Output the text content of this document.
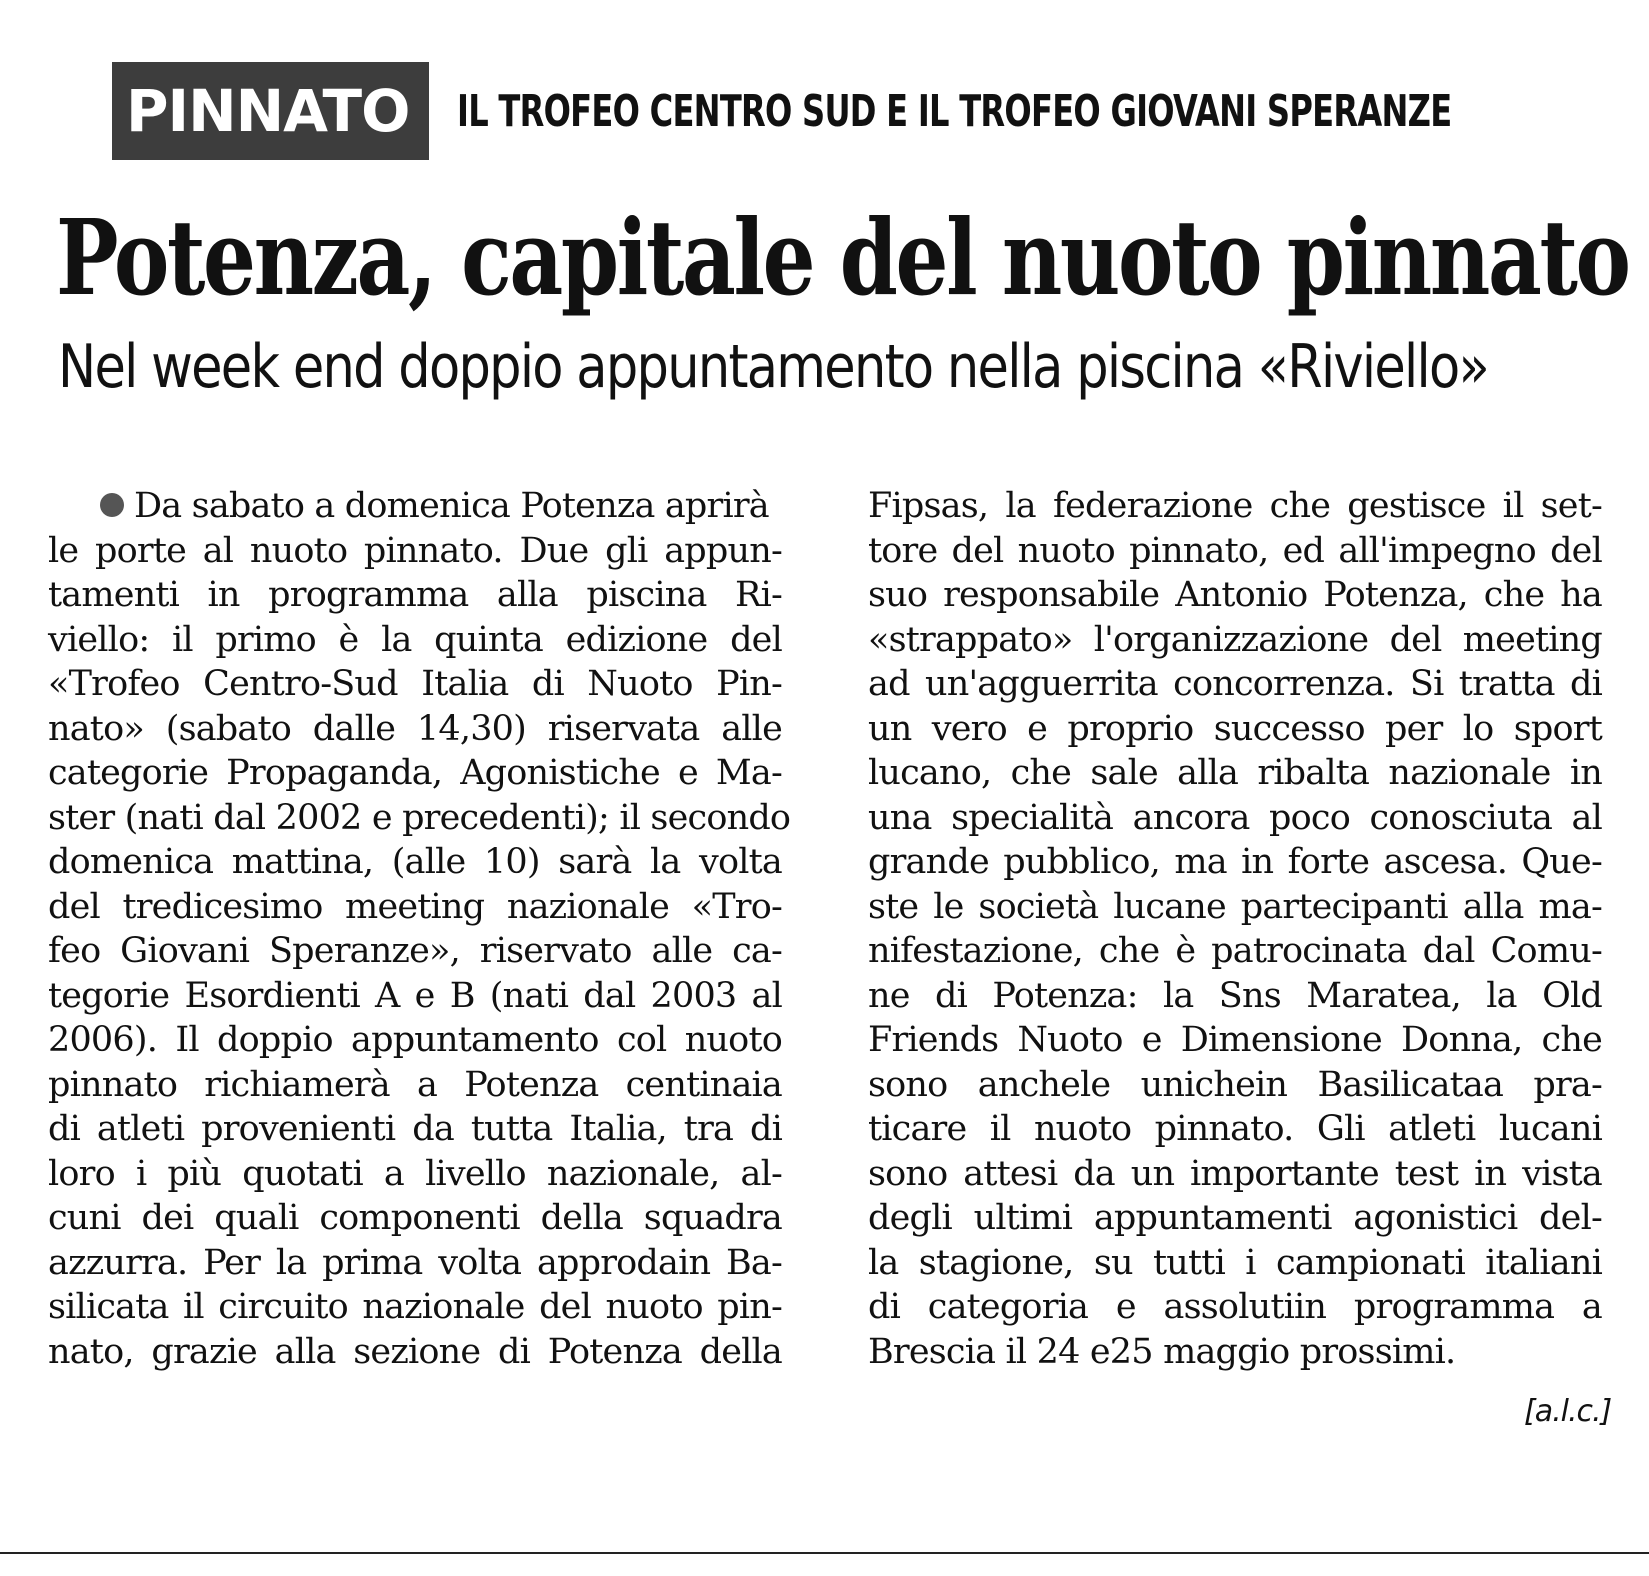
PINNATO	IL TROFEO CENTRO SUD E IL TROFEO GIOVANI SPERANZE
Potenza, capitale del nuoto pinnato
Nel week end doppio appuntamento nella piscina «Riviello»
Da sabato a domenica Potenza aprirà
le porte al nuoto pinnato. Due gli appun-
tamenti in programma alla piscina Ri-
viello: il primo è la quinta edizione del
«Trofeo Centro-Sud Italia di Nuoto Pin-
nato» (sabato dalle 14,30) riservata alle
categorie Propaganda, Agonistiche e Ma-
ster (nati dal 2002 e precedenti); il secondo
domenica mattina, (alle 10) sarà la volta
del tredicesimo meeting nazionale «Tro-
feo Giovani Speranze», riservato alle ca-
tegorie Esordienti A e B (nati dal 2003 al
2006). Il doppio appuntamento col nuoto
pinnato richiamerà a Potenza centinaia
di atleti provenienti da tutta Italia, tra di
loro i più quotati a livello nazionale, al-
cuni dei quali componenti della squadra
azzurra. Per la prima volta approdain Ba-
silicata il circuito nazionale del nuoto pin-
nato, grazie alla sezione di Potenza della
Fipsas, la federazione che gestisce il set-
tore del nuoto pinnato, ed all'impegno del
suo responsabile Antonio Potenza, che ha
«strappato» l'organizzazione del meeting
ad un'agguerrita concorrenza. Si tratta di
un vero e proprio successo per lo sport
lucano, che sale alla ribalta nazionale in
una specialità ancora poco conosciuta al
grande pubblico, ma in forte ascesa. Que-
ste le società lucane partecipanti alla ma-
nifestazione, che è patrocinata dal Comu-
ne di Potenza: la Sns Maratea, la Old
Friends Nuoto e Dimensione Donna, che
sono anchele unichein Basilicataa pra-
ticare il nuoto pinnato. Gli atleti lucani
sono attesi da un importante test in vista
degli ultimi appuntamenti agonistici del-
la stagione, su tutti i campionati italiani
di categoria e assolutiin programma a
Brescia il 24 e25 maggio prossimi.
[a.l.c.]
